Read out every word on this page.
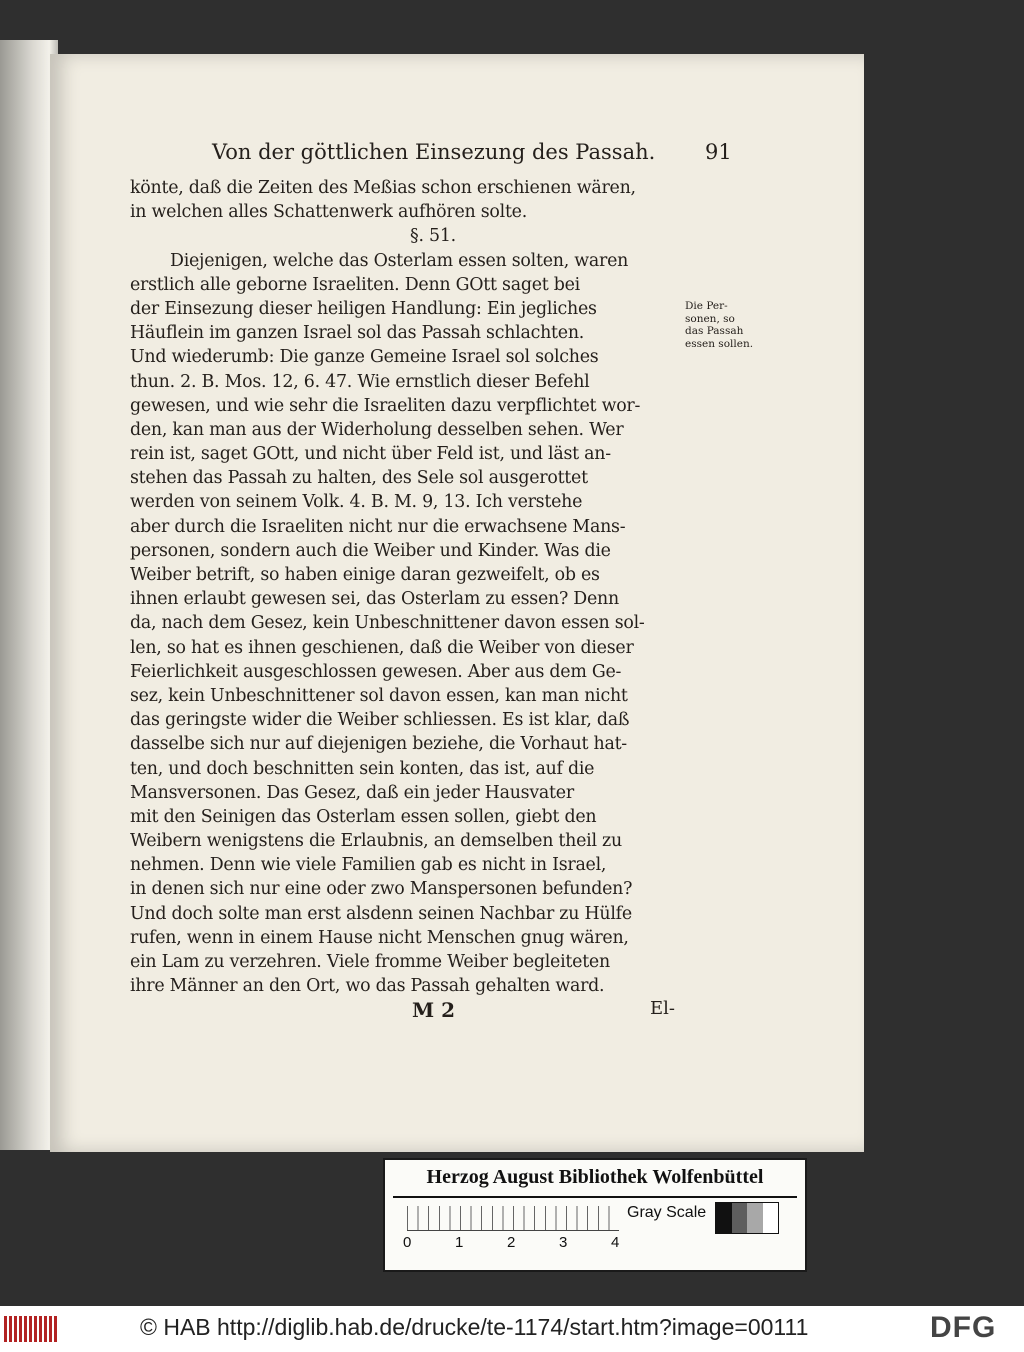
Von der göttlichen Einsezung des Passah.	91
könte, daß die Zeiten des Meßias schon erschienen wären,
in welchen alles Schattenwerk aufhören solte.
§. 51.
Diejenigen, welche das Osterlam essen solten, waren
erstlich alle geborne Israeliten. Denn GOtt saget bei
der Einsezung dieser heiligen Handlung: Ein jegliches
Häuflein im ganzen Israel sol das Passah schlachten.
Und wiederumb: Die ganze Gemeine Israel sol solches
thun. 2. B. Mos. 12, 6. 47. Wie ernstlich dieser Befehl
gewesen, und wie sehr die Israeliten dazu verpflichtet wor-
den, kan man aus der Widerholung desselben sehen. Wer
rein ist, saget GOtt, und nicht über Feld ist, und läst an-
stehen das Passah zu halten, des Sele sol ausgerottet
werden von seinem Volk. 4. B. M. 9, 13. Ich verstehe
aber durch die Israeliten nicht nur die erwachsene Mans-
personen, sondern auch die Weiber und Kinder. Was die
Weiber betrift, so haben einige daran gezweifelt, ob es
ihnen erlaubt gewesen sei, das Osterlam zu essen? Denn
da, nach dem Gesez, kein Unbeschnittener davon essen sol-
len, so hat es ihnen geschienen, daß die Weiber von dieser
Feierlichkeit ausgeschlossen gewesen. Aber aus dem Ge-
sez, kein Unbeschnittener sol davon essen, kan man nicht
das geringste wider die Weiber schliessen. Es ist klar, daß
dasselbe sich nur auf diejenigen beziehe, die Vorhaut hat-
ten, und doch beschnitten sein konten, das ist, auf die
Mansversonen. Das Gesez, daß ein jeder Hausvater
mit den Seinigen das Osterlam essen sollen, giebt den
Weibern wenigstens die Erlaubnis, an demselben theil zu
nehmen. Denn wie viele Familien gab es nicht in Israel,
in denen sich nur eine oder zwo Manspersonen befunden?
Und doch solte man erst alsdenn seinen Nachbar zu Hülfe
rufen, wenn in einem Hause nicht Menschen gnug wären,
ein Lam zu verzehren. Viele fromme Weiber begleiteten
ihre Männer an den Ort, wo das Passah gehalten ward.
Die Per-
sonen, so
das Passah
essen sollen.
M 2	El-
Herzog August Bibliothek Wolfenbüttel
0	1	2	3	4
Gray Scale
© HAB http://diglib.hab.de/drucke/te-1174/start.htm?image=00111	DFG
